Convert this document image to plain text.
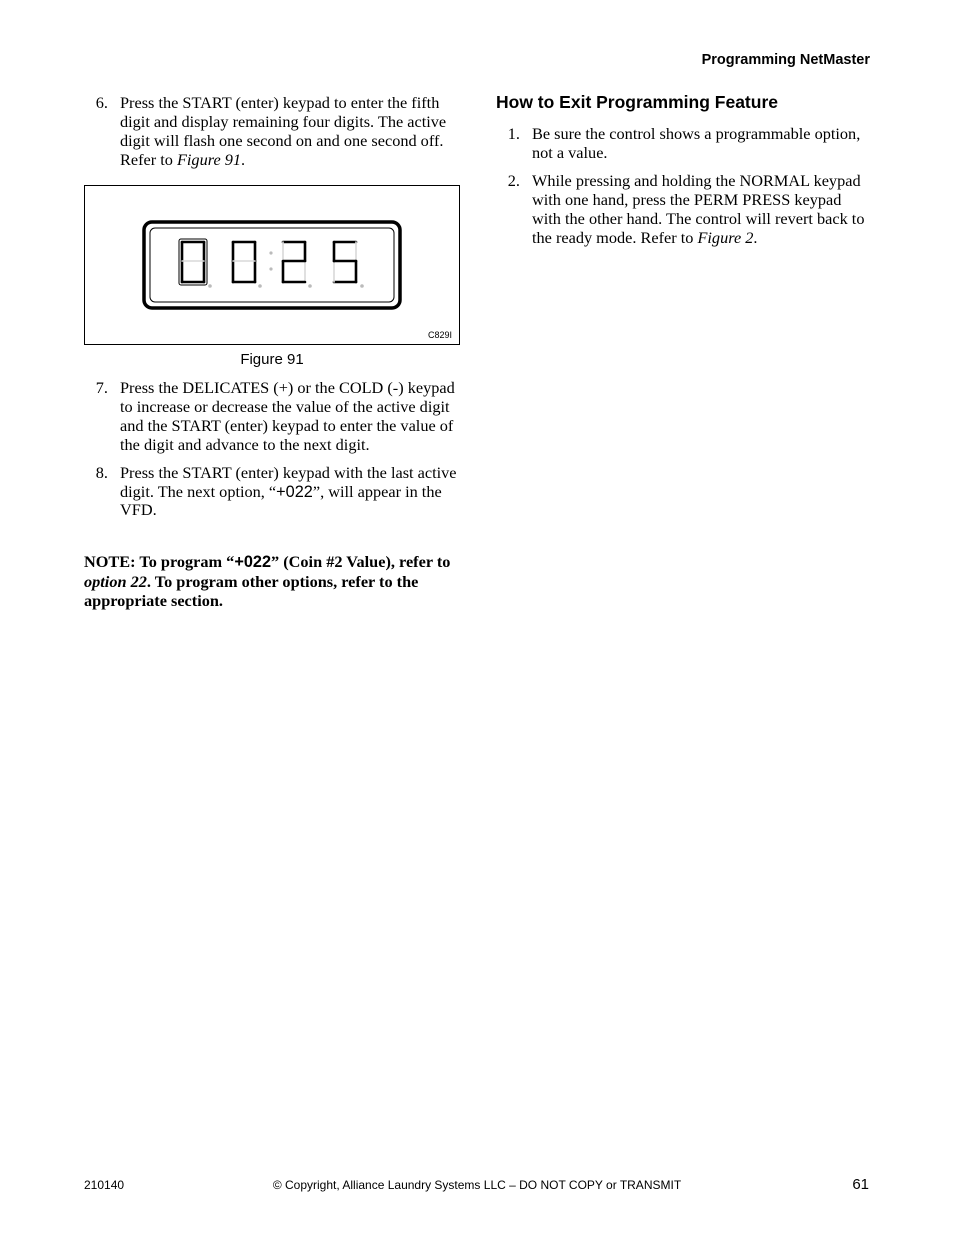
Programming NetMaster
6. Press the START (enter) keypad to enter the fifth digit and display remaining four digits. The active digit will flash one second on and one second off. Refer to Figure 91.
C829I
Figure 91
7. Press the DELICATES (+) or the COLD (-) keypad to increase or decrease the value of the active digit and the START (enter) keypad to enter the value of the digit and advance to the next digit.
8. Press the START (enter) keypad with the last active digit. The next option, “+022”, will appear in the VFD.
NOTE: To program “+022” (Coin #2 Value), refer to option 22. To program other options, refer to the appropriate section.
How to Exit Programming Feature
1. Be sure the control shows a programmable option, not a value.
2. While pressing and holding the NORMAL keypad with one hand, press the PERM PRESS keypad with the other hand. The control will revert back to the ready mode. Refer to Figure 2.
210140	© Copyright, Alliance Laundry Systems LLC – DO NOT COPY or TRANSMIT	61
